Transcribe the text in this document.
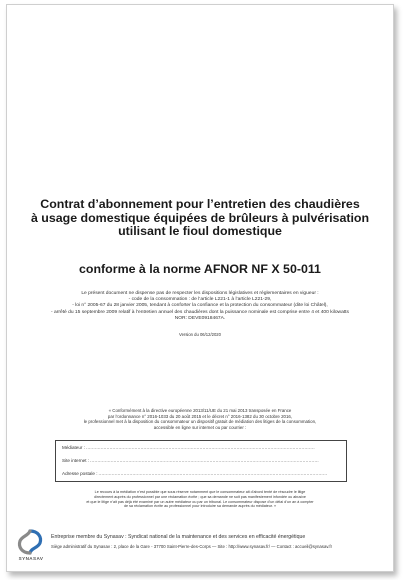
Contrat d’abonnement pour l’entretien des chaudières
à usage domestique équipées de brûleurs à pulvérisation
utilisant le fioul domestique
conforme à la norme AFNOR NF X 50-011

Le présent document ne dispense pas de respecter les dispositions législatives et réglementaires en vigueur :

- code de la consommation : de l’article L221-1 à l’article L221-29,

- loi n° 2005-67 du 28 janvier 2005, tendant à conforter la confiance et la protection du consommateur (dite loi Châtel),

- arrêté du 15 septembre 2009 relatif à l’entretien annuel des chaudières dont la puissance nominale est comprise entre 4 et 400 kilowatts

NOR: DEVE0918467A.

Version du 06/12/2020

« Conformément à la directive européenne 2013/11/UE du 21 mai 2013 transposée en France

par l’ordonnance n° 2016-1033 du 20 août 2015 et le décret n° 2016-1382 du 30 octobre 2016,

le professionnel met à la disposition du consommateur un dispositif gratuit de médiation des litiges de la consommation,

accessible en ligne sur internet ou par courrier :

Médiateur :...........................................................................................................................................................
Site internet :...........................................................................................................................................................
Adresse postale :...........................................................................................................................................................

Le recours à la médiation n’est possible que sous réserve notamment que le consommateur ait d’abord tenté de résoudre le litige

directement auprès du professionnel par une réclamation écrite ; que sa demande ne soit pas manifestement infondée ou abusive

et que le litige n’ait pas déjà été examiné par un autre médiateur ou par un tribunal. Le consommateur dispose d’un délai d’un an à compter

de sa réclamation écrite au professionnel pour introduire sa demande auprès du médiateur. »

SYNASAV
Entreprise membre du Synasav : Syndicat national de la maintenance et des services en efficacité énergétique
Siège administratif du Synasav : 2, place de la Gare - 37700 Saint-Pierre-des-Corps — Site : http://www.synasav.fr/ — Contact : accueil@synasav.fr
